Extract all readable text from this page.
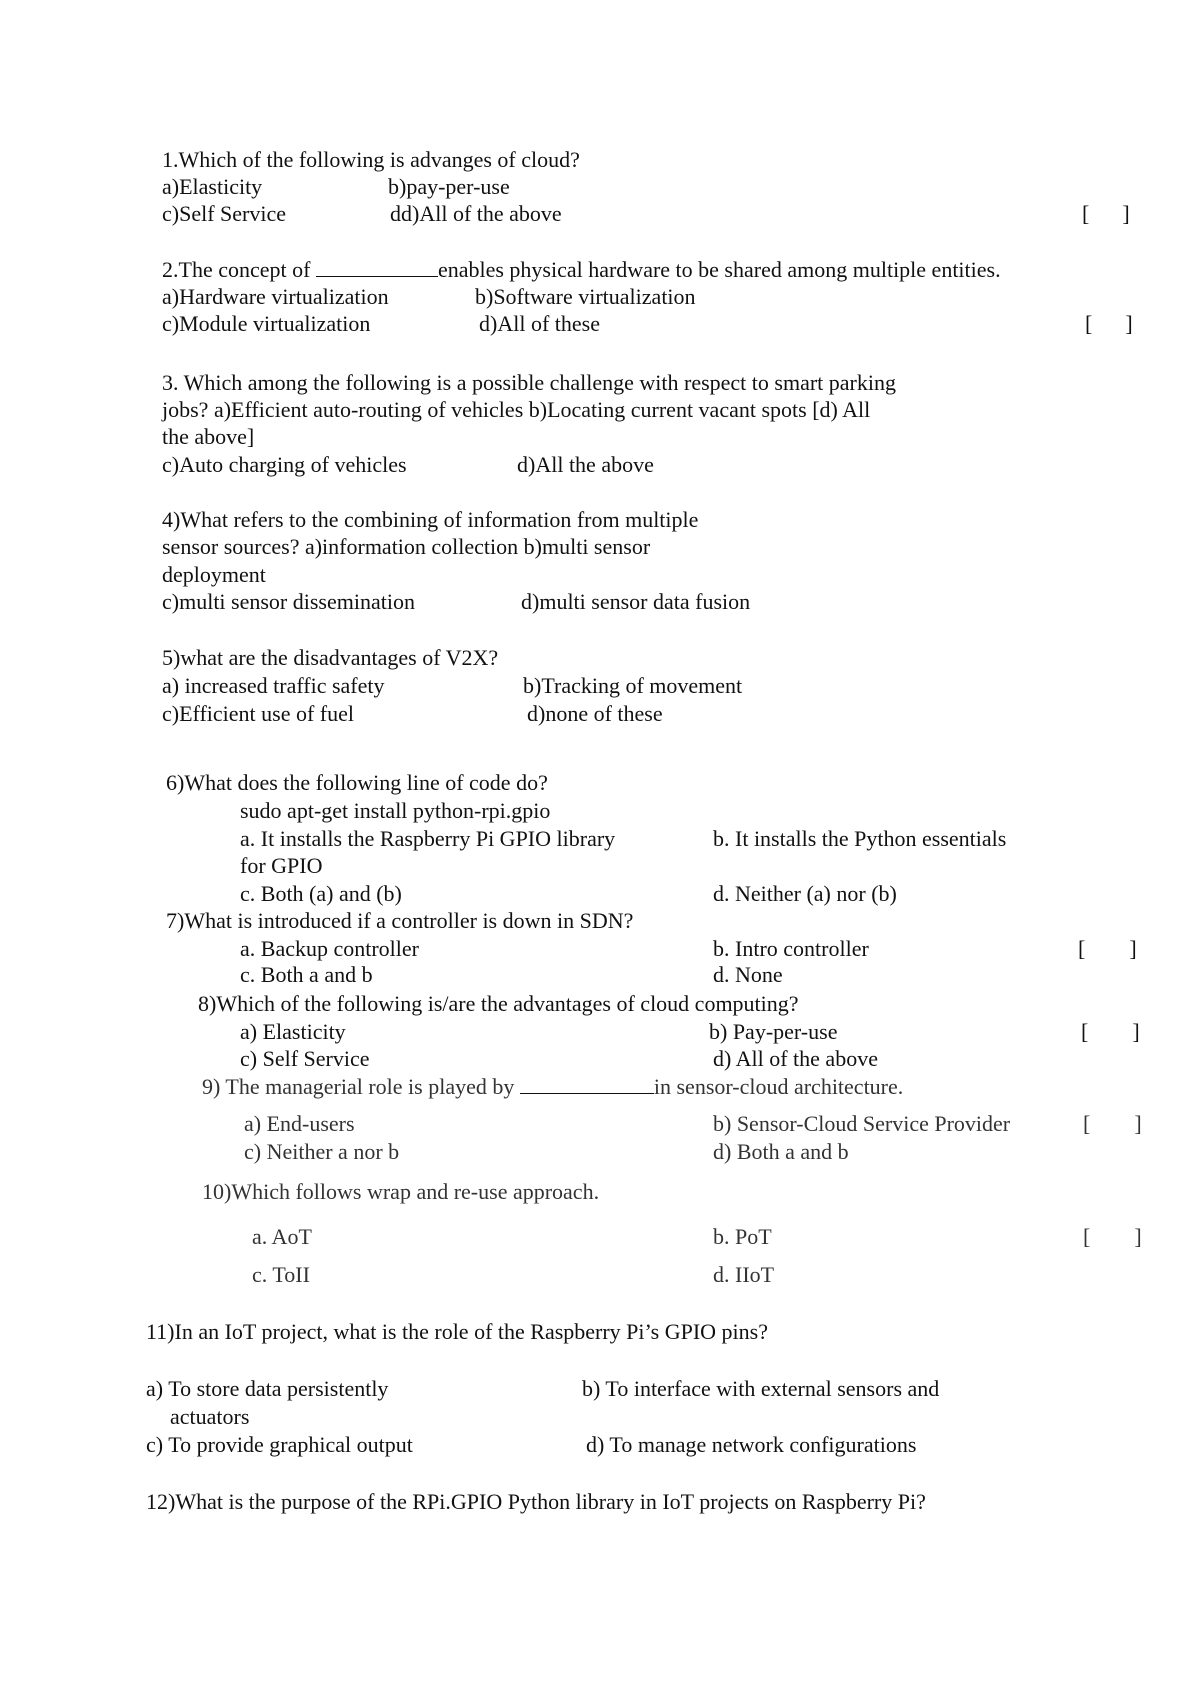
1.Which of the following is advanges of cloud?
a)Elasticity	b)pay-per-use
c)Self Service	dd)All of the above	[      ]
2.The concept of	enables physical hardware to be shared among multiple entities.
a)Hardware virtualization	b)Software virtualization
c)Module virtualization	d)All of these	[      ]
3. Which among the following is a possible challenge with respect to smart parking
jobs? a)Efficient auto-routing of vehicles b)Locating current vacant spots [d) All
the above]
c)Auto charging of vehicles	d)All the above
4)What refers to the combining of information from multiple
sensor sources? a)information collection b)multi sensor
deployment
c)multi sensor dissemination	d)multi sensor data fusion
5)what are the disadvantages of V2X?
a) increased traffic safety	b)Tracking of movement
c)Efficient use of fuel	d)none of these
6)What does the following line of code do?
sudo apt-get install python-rpi.gpio
a. It installs the Raspberry Pi GPIO library
for GPIO
b. It installs the Python essentials
c. Both (a) and (b)	d. Neither (a) nor (b)
7)What is introduced if a controller is down in SDN?
a. Backup controller	b. Intro controller	[        ]
c. Both a and b	d. None
8)Which of the following is/are the advantages of cloud computing?
a) Elasticity	b) Pay-per-use	[        ]
c) Self Service	d) All of the above
9) The managerial role is played by	in sensor-cloud architecture.
a) End-users	b) Sensor-Cloud Service Provider	[        ]
c) Neither a nor b	d) Both a and b
10)Which follows wrap and re-use approach.
a. AoT	b. PoT	[        ]
c. ToII	d. IIoT
11)In an IoT project, what is the role of the Raspberry Pi’s GPIO pins?
a) To store data persistently	b) To interface with external sensors and
actuators
c) To provide graphical output	d) To manage network configurations
12)What is the purpose of the RPi.GPIO Python library in IoT projects on Raspberry Pi?
